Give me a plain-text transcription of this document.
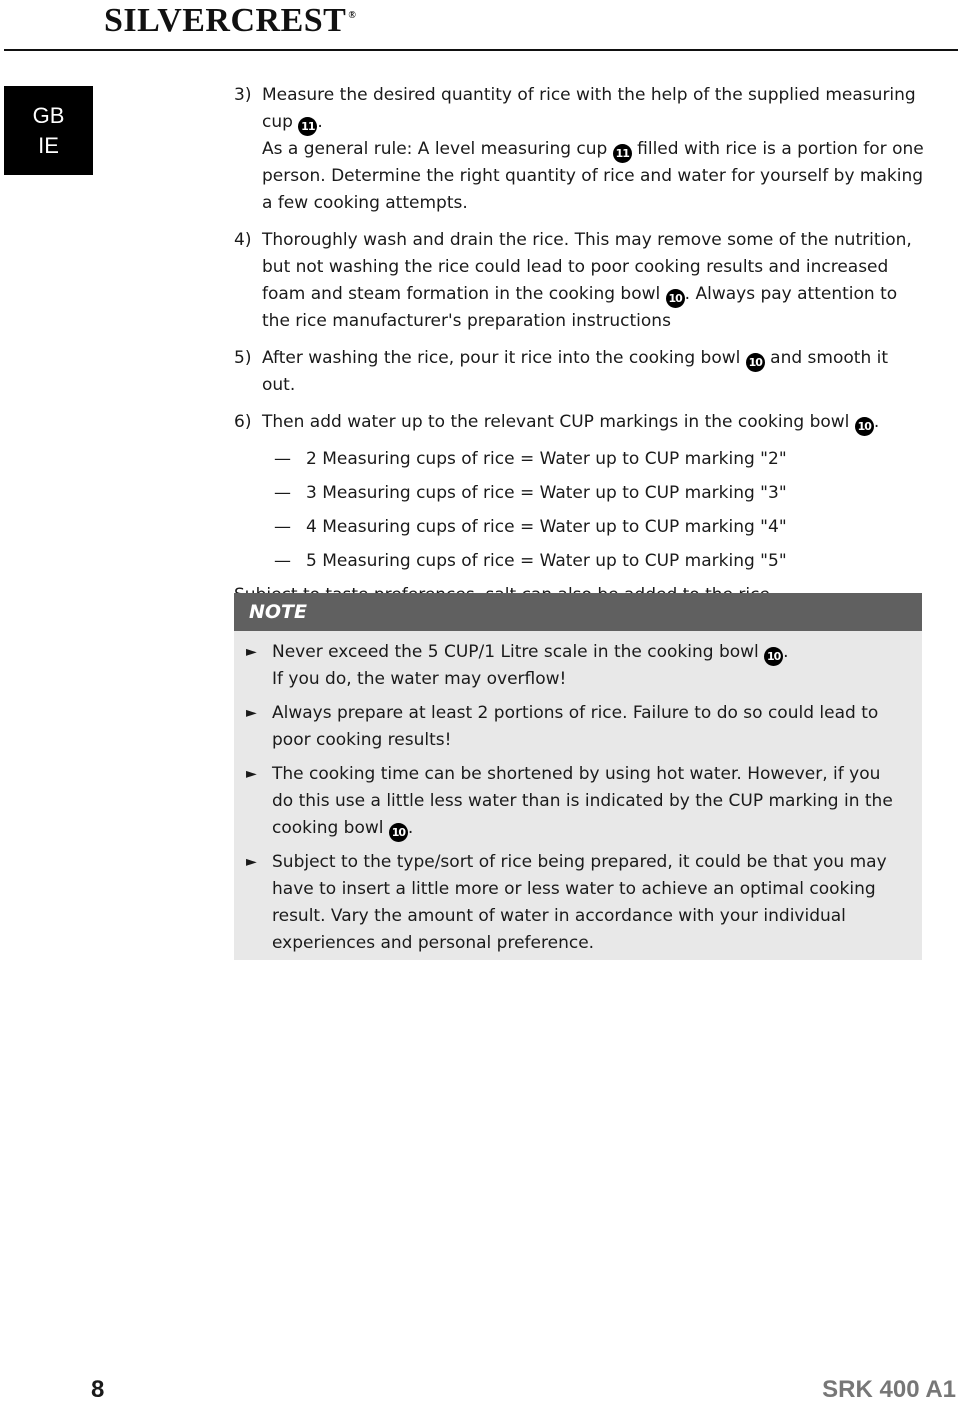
SILVERCREST ®
GB
IE
3) Measure the desired quantity of rice with the help of the supplied measuring cup 11 .
As a general rule: A level measuring cup 11 filled with rice is a portion for one person. Determine the right quantity of rice and water for yourself by making a few cooking attempts.
4) Thoroughly wash and drain the rice. This may remove some of the nutrition, but not washing the rice could lead to poor cooking results and increased foam and steam formation in the cooking bowl 10 . Always pay attention to the rice manufacturer's preparation instructions
5) After washing the rice, pour it rice into the cooking bowl 10 and smooth it out.
6) Then add water up to the relevant CUP markings in the cooking bowl 10 .
— 2 Measuring cups of rice = Water up to CUP marking "2"
— 3 Measuring cups of rice = Water up to CUP marking "3"
— 4 Measuring cups of rice = Water up to CUP marking "4"
— 5 Measuring cups of rice = Water up to CUP marking "5"
NOTE
► Never exceed the 5 CUP/1 Litre scale in the cooking bowl 10 .
If you do, the water may overflow!
► Always prepare at least 2 portions of rice. Failure to do so could lead to poor cooking results!
► The cooking time can be shortened by using hot water. However, if you do this use a little less water than is indicated by the CUP marking in the cooking bowl 10 .
► Subject to the type/sort of rice being prepared, it could be that you may have to insert a little more or less water to achieve an optimal cooking result. Vary the amount of water in accordance with your individual experiences and personal preference.
8	SRK 400 A1
